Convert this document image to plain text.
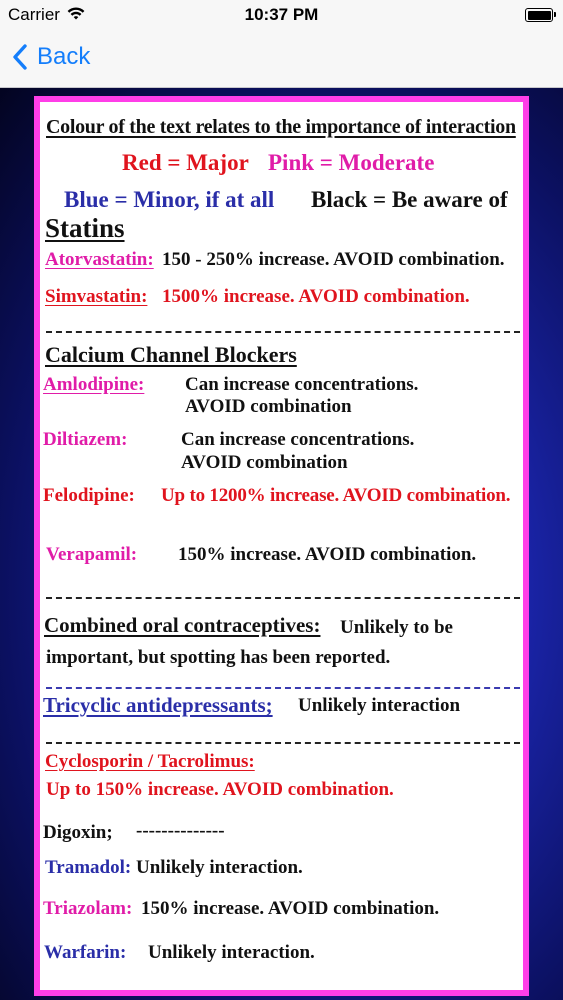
Carrier	10:37 PM
Back
Colour of the text relates to the importance of interaction
Red = Major Pink = Moderate
Blue = Minor, if at all Black = Be aware of
Statins
Atorvastatin: 150 - 250% increase. AVOID combination.
Simvastatin: 1500% increase. AVOID combination.
Calcium Channel Blockers
Amlodipine: Can increase concentrations.
AVOID combination
Diltiazem:	Can increase concentrations.
AVOID combination
Felodipine: Up to 1200% increase. AVOID combination.
Verapamil: 150% increase. AVOID combination.
Combined oral contraceptives: Unlikely to be
important, but spotting has been reported.
Tricyclic antidepressants; Unlikely interaction
Cyclosporin / Tacrolimus:
Up to 150% increase. AVOID combination.
Digoxin; --------------
Tramadol: Unlikely interaction.
Triazolam: 150% increase. AVOID combination.
Warfarin: Unlikely interaction.
